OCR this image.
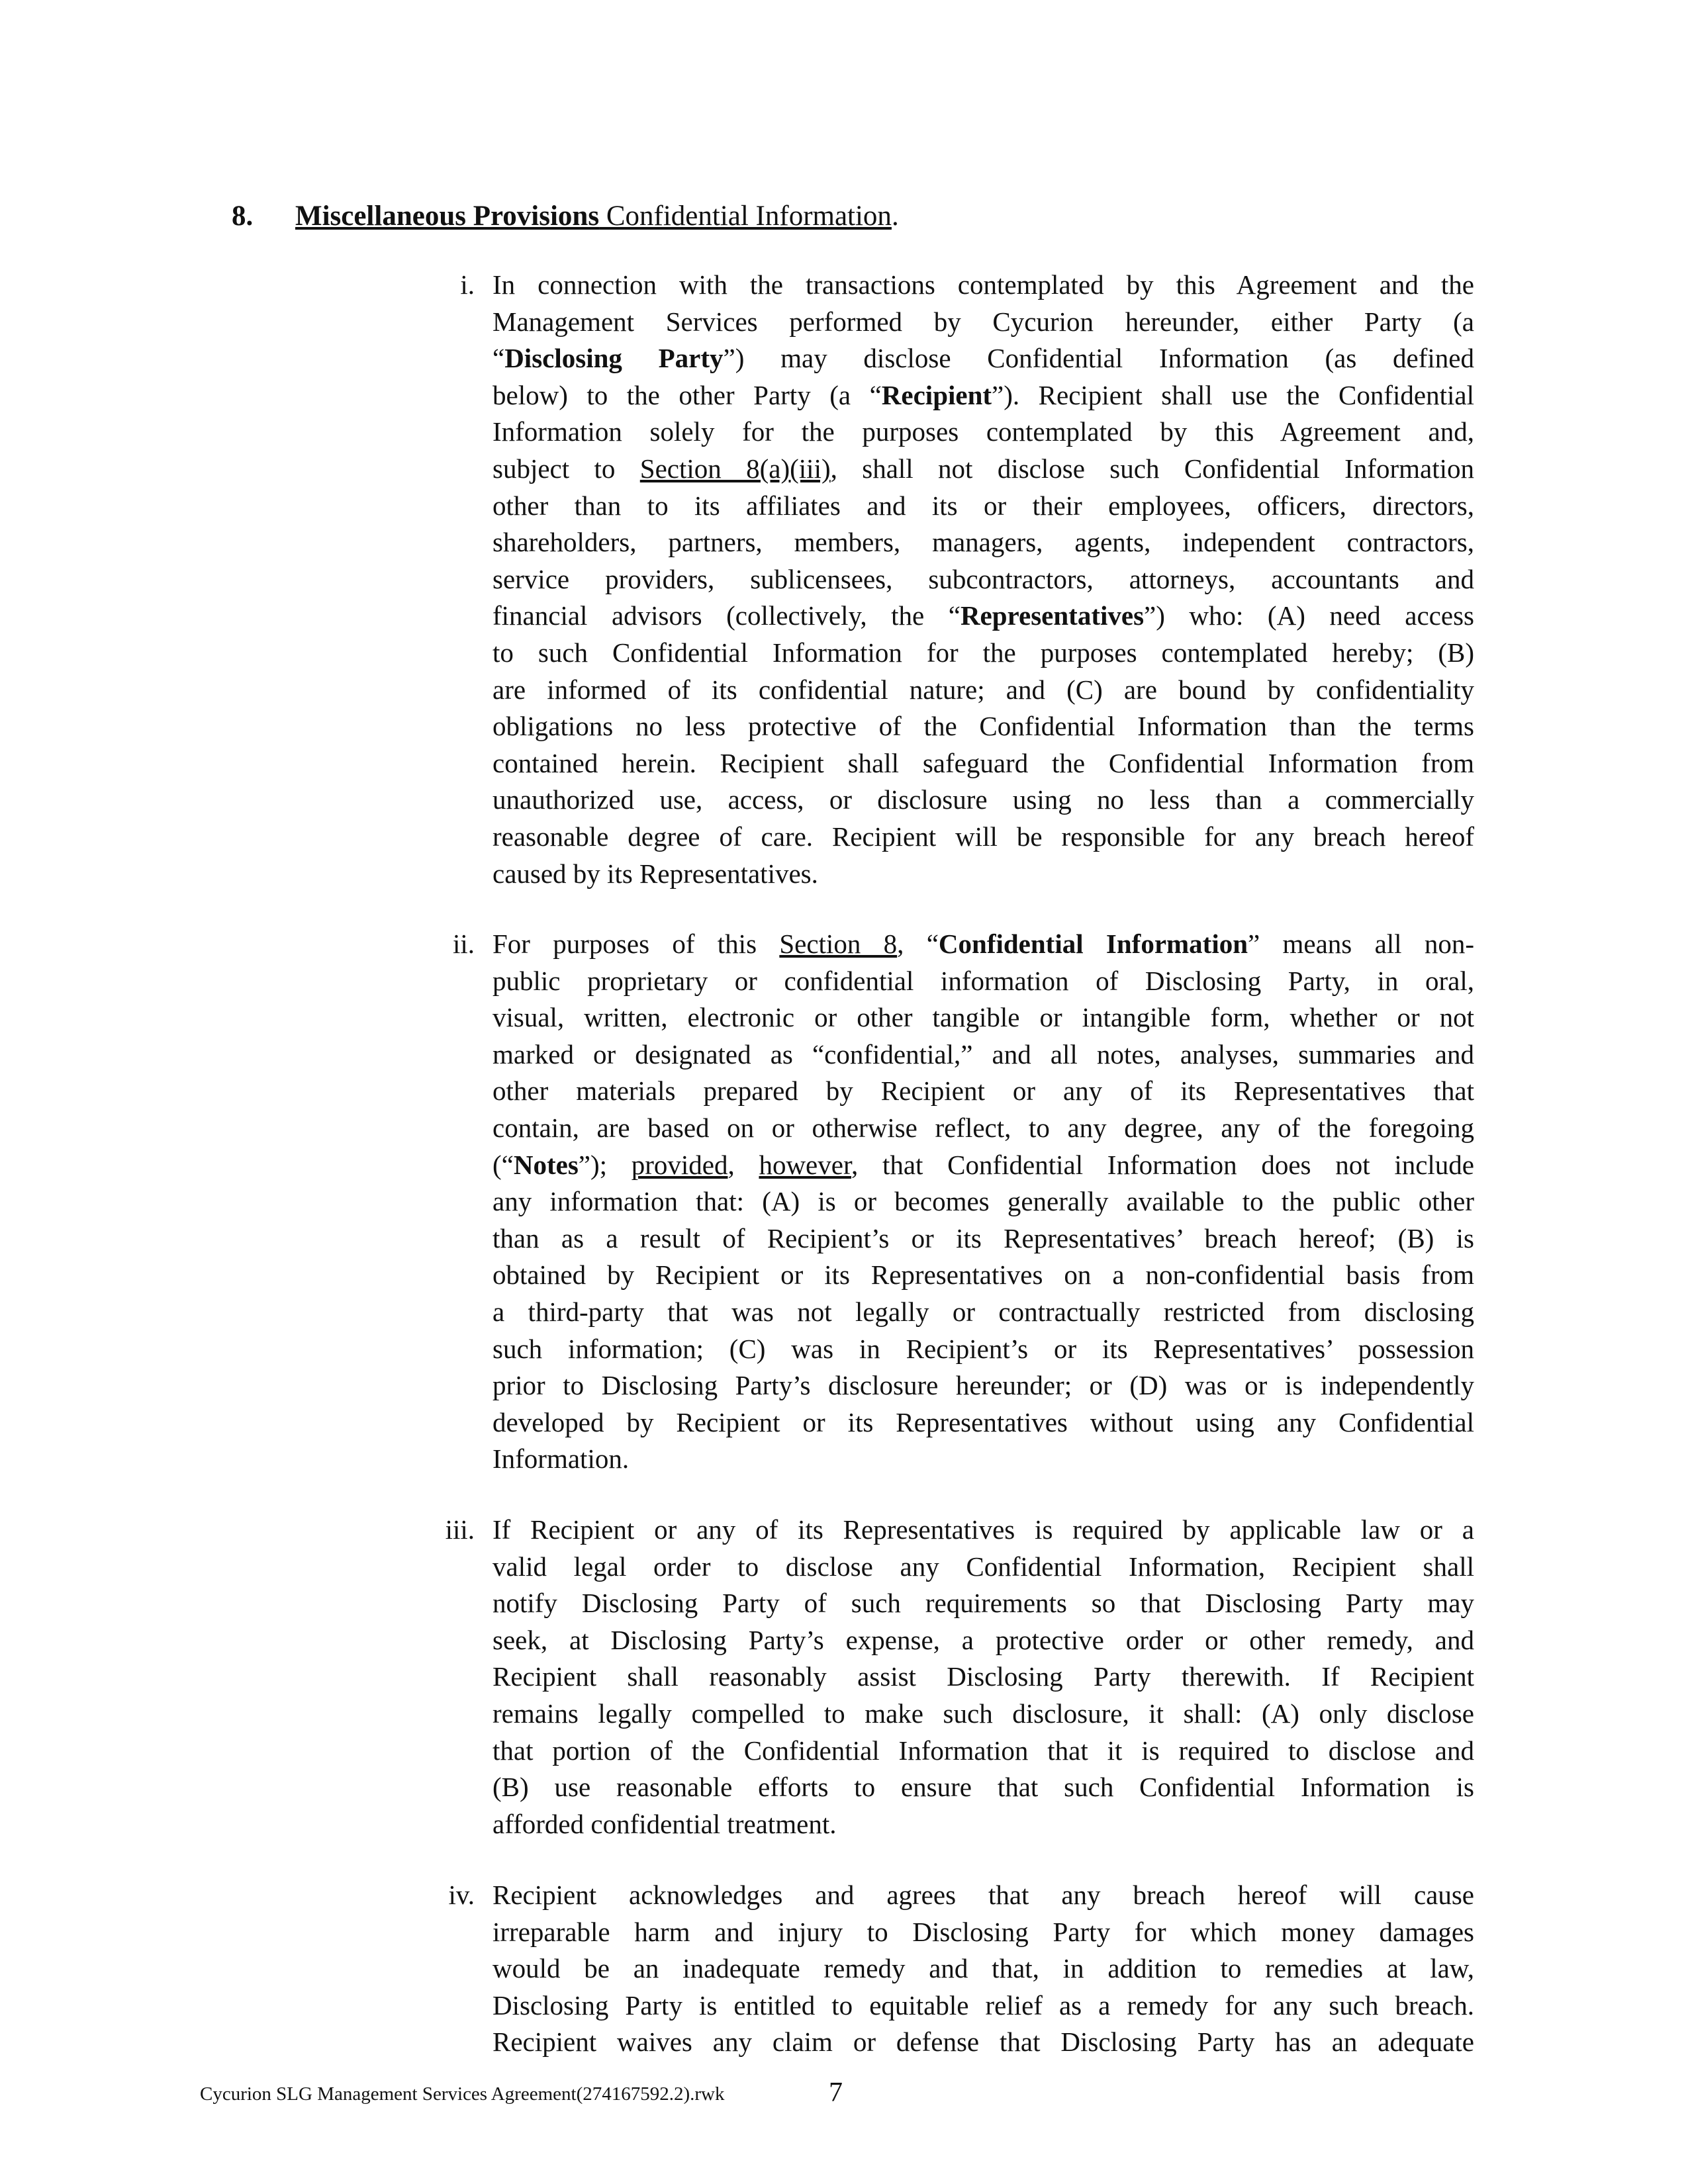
8. Miscellaneous Provisions Confidential Information.
i. In connection with the transactions contemplated by this Agreement and the
Management Services performed by Cycurion hereunder, either Party (a
“Disclosing Party”) may disclose Confidential Information (as defined
below) to the other Party (a “Recipient”). Recipient shall use the Confidential
Information solely for the purposes contemplated by this Agreement and,
subject to Section 8(a)(iii), shall not disclose such Confidential Information
other than to its affiliates and its or their employees, officers, directors,
shareholders, partners, members, managers, agents, independent contractors,
service providers, sublicensees, subcontractors, attorneys, accountants and
financial advisors (collectively, the “Representatives”) who: (A) need access
to such Confidential Information for the purposes contemplated hereby; (B)
are informed of its confidential nature; and (C) are bound by confidentiality
obligations no less protective of the Confidential Information than the terms
contained herein. Recipient shall safeguard the Confidential Information from
unauthorized use, access, or disclosure using no less than a commercially
reasonable degree of care. Recipient will be responsible for any breach hereof
caused by its Representatives.
ii. For purposes of this Section 8, “Confidential Information” means all non-
public proprietary or confidential information of Disclosing Party, in oral,
visual, written, electronic or other tangible or intangible form, whether or not
marked or designated as “confidential,” and all notes, analyses, summaries and
other materials prepared by Recipient or any of its Representatives that
contain, are based on or otherwise reflect, to any degree, any of the foregoing
(“Notes”); provided, however, that Confidential Information does not include
any information that: (A) is or becomes generally available to the public other
than as a result of Recipient’s or its Representatives’ breach hereof; (B) is
obtained by Recipient or its Representatives on a non-confidential basis from
a third-party that was not legally or contractually restricted from disclosing
such information; (C) was in Recipient’s or its Representatives’ possession
prior to Disclosing Party’s disclosure hereunder; or (D) was or is independently
developed by Recipient or its Representatives without using any Confidential
Information.
iii. If Recipient or any of its Representatives is required by applicable law or a
valid legal order to disclose any Confidential Information, Recipient shall
notify Disclosing Party of such requirements so that Disclosing Party may
seek, at Disclosing Party’s expense, a protective order or other remedy, and
Recipient shall reasonably assist Disclosing Party therewith. If Recipient
remains legally compelled to make such disclosure, it shall: (A) only disclose
that portion of the Confidential Information that it is required to disclose and
(B) use reasonable efforts to ensure that such Confidential Information is
afforded confidential treatment.
iv. Recipient acknowledges and agrees that any breach hereof will cause
irreparable harm and injury to Disclosing Party for which money damages
would be an inadequate remedy and that, in addition to remedies at law,
Disclosing Party is entitled to equitable relief as a remedy for any such breach.
Recipient waives any claim or defense that Disclosing Party has an adequate
Cycurion SLG Management Services Agreement(274167592.2).rwk	7
